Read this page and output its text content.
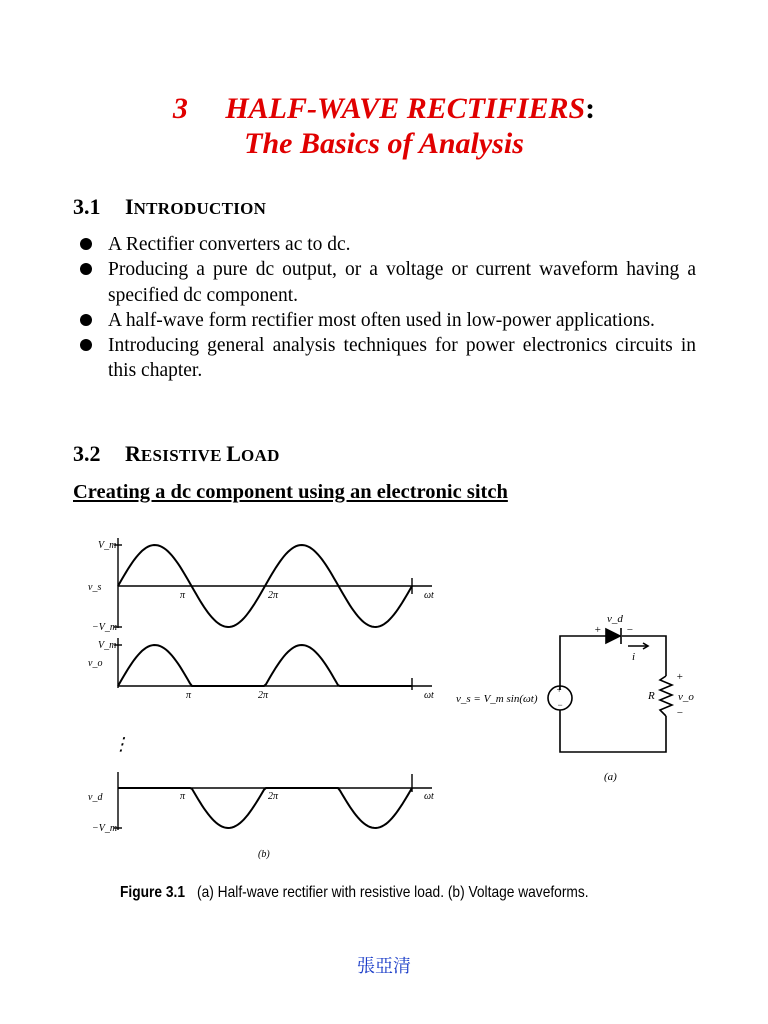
3     HALF-WAVE RECTIFIERS:
The Basics of Analysis
3.1 INTRODUCTION
A Rectifier converters ac to dc.
Producing a pure dc output, or a voltage or current waveform having a specified dc component.
A half-wave form rectifier most often used in low-power applications.
Introducing general analysis techniques for power electronics circuits in this chapter.
3.2 RESISTIVE LOAD
Creating a dc component using an electronic sitch
V_m
v_s
−V_m
π	2π	ωt
V_m
v_o
π	2π	ωt
v_d
−V_m
π	2π	ωt
(b)
⋮
v_d
+ −
i
+
−
v_s = V_m sin(ωt)	R
+
v_o
−
(a)
Figure 3.1 (a) Half-wave rectifier with resistive load. (b) Voltage waveforms.
張亞清
